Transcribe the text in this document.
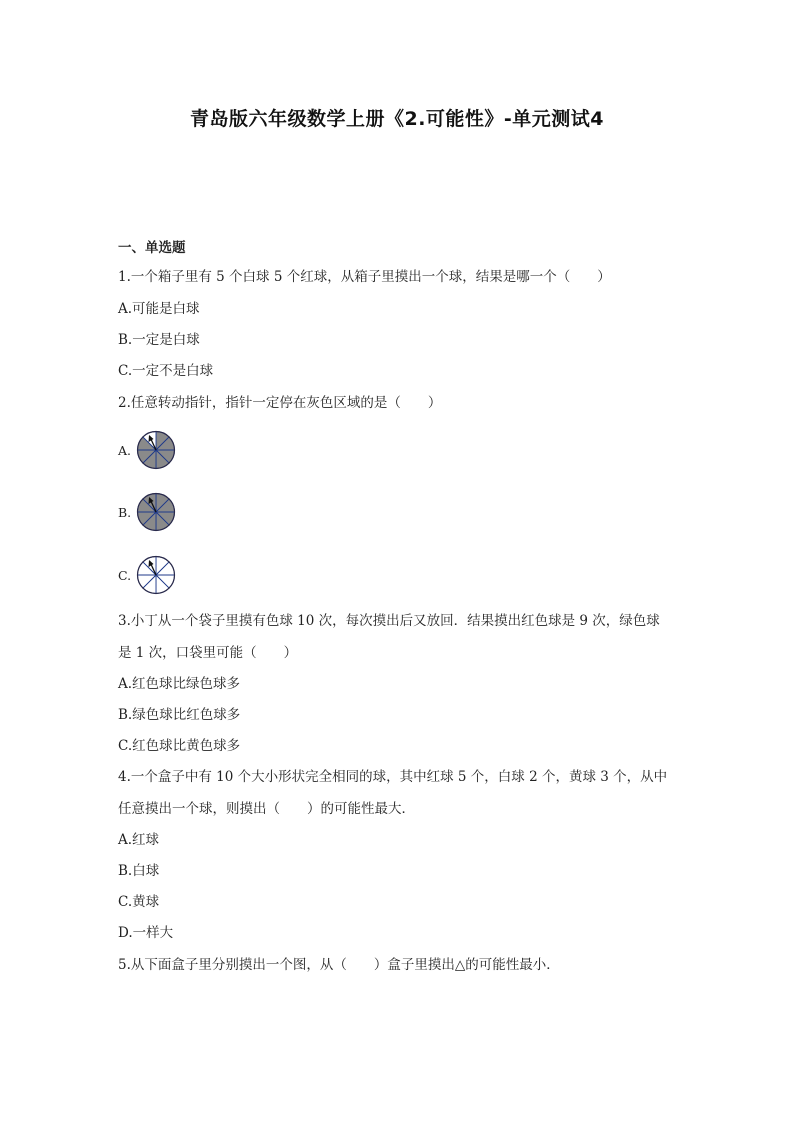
青岛版六年级数学上册《2.可能性》-单元测试4
一、单选题
1.一个箱子里有 5 个白球 5 个红球，从箱子里摸出一个球，结果是哪一个（　　）
A.可能是白球
B.一定是白球
C.一定不是白球
2.任意转动指针，指针一定停在灰色区域的是（　　）
A.
B.
C.
3.小丁从一个袋子里摸有色球 10 次，每次摸出后又放回．结果摸出红色球是 9 次，绿色球
是 1 次，口袋里可能（　　）
A.红色球比绿色球多
B.绿色球比红色球多
C.红色球比黄色球多
4.一个盒子中有 10 个大小形状完全相同的球，其中红球 5 个，白球 2 个，黄球 3 个，从中
任意摸出一个球，则摸出（　　）的可能性最大．
A.红球
B.白球
C.黄球
D.一样大
5.从下面盒子里分别摸出一个图，从（　　）盒子里摸出△的可能性最小．
